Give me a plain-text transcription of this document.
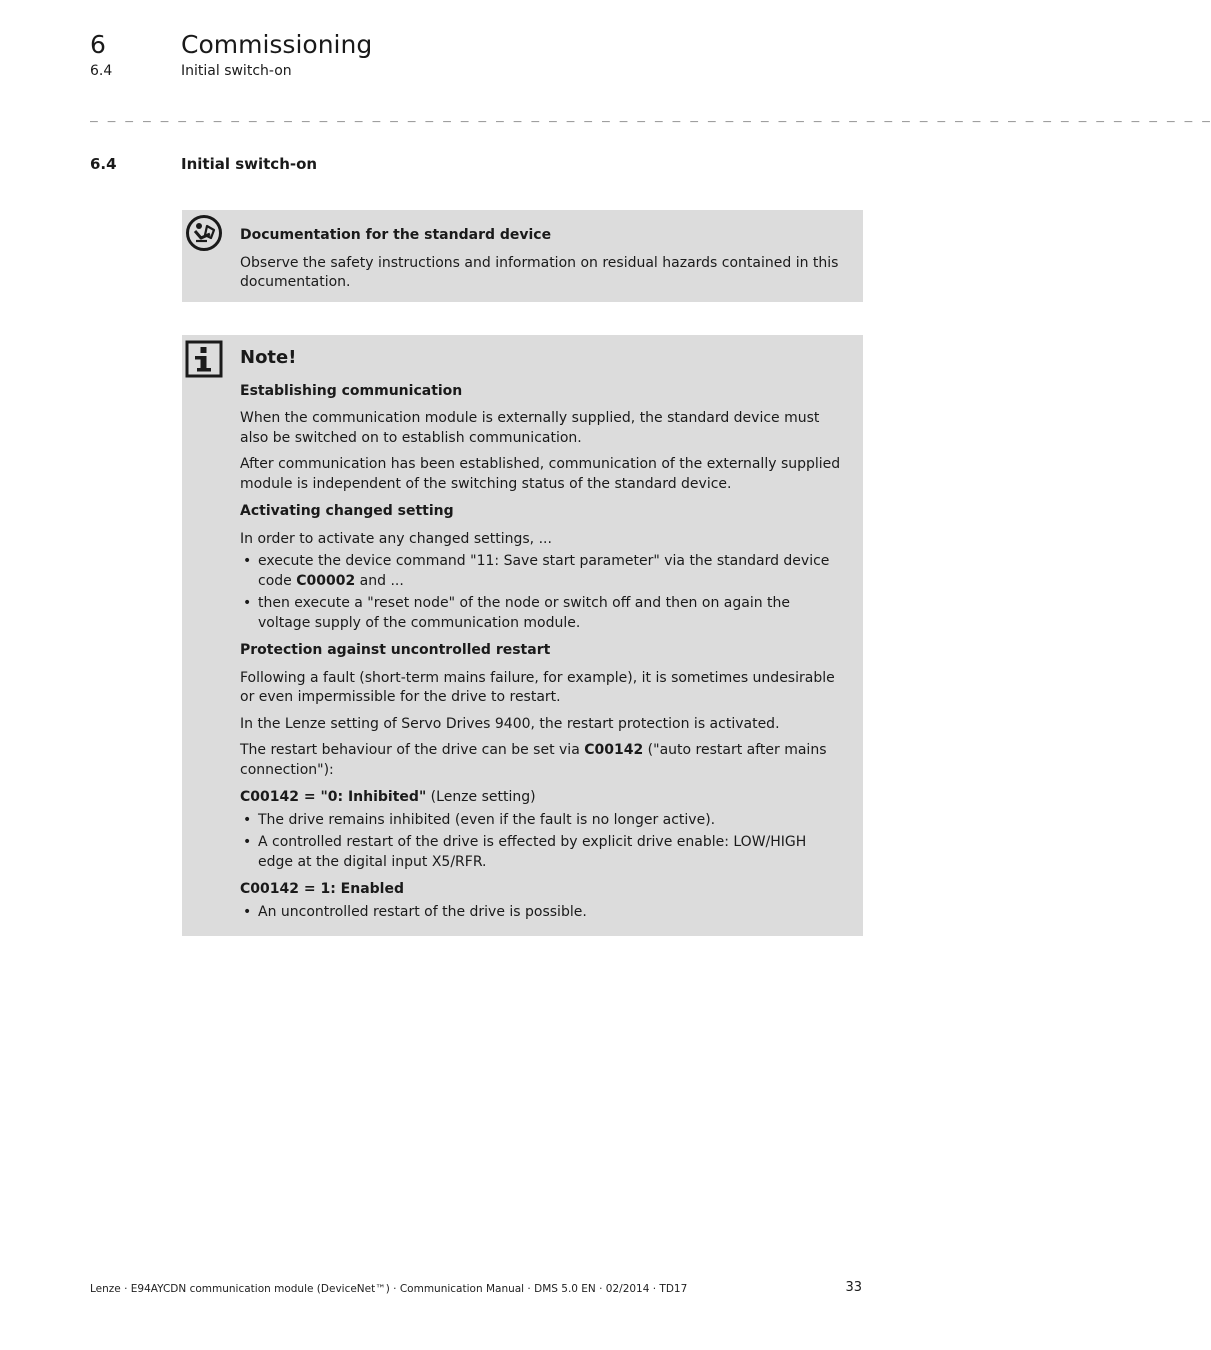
6	Commissioning
6.4	Initial switch-on
_ _ _ _ _ _ _ _ _ _ _ _ _ _ _ _ _ _ _ _ _ _ _ _ _ _ _ _ _ _ _ _ _ _ _ _ _ _ _ _ _ _ _ _ _ _ _ _ _ _ _ _ _ _ _ _ _ _ _ _ _ _ _ _
6.4	Initial switch-on

Documentation for the standard device

Observe the safety instructions and information on residual hazards contained in this documentation.

Note!

Establishing communication

When the communication module is externally supplied, the standard device must also be switched on to establish communication.

After communication has been established, communication of the externally supplied module is independent of the switching status of the standard device.

Activating changed setting

In order to activate any changed settings, ...

• execute the device command "11: Save start parameter" via the standard device code C00002 and ...
• then execute a "reset node" of the node or switch off and then on again the voltage supply of the communication module.

Protection against uncontrolled restart

Following a fault (short-term mains failure, for example), it is sometimes undesirable or even impermissible for the drive to restart.

In the Lenze setting of Servo Drives 9400, the restart protection is activated.

The restart behaviour of the drive can be set via C00142 ("auto restart after mains connection"):

C00142 = "0: Inhibited" (Lenze setting)

• The drive remains inhibited (even if the fault is no longer active).
• A controlled restart of the drive is effected by explicit drive enable: LOW/HIGH edge at the digital input X5/RFR.

C00142 = 1: Enabled

• An uncontrolled restart of the drive is possible.
Lenze · E94AYCDN communication module (DeviceNet™) · Communication Manual · DMS 5.0 EN · 02/2014 · TD17	33
